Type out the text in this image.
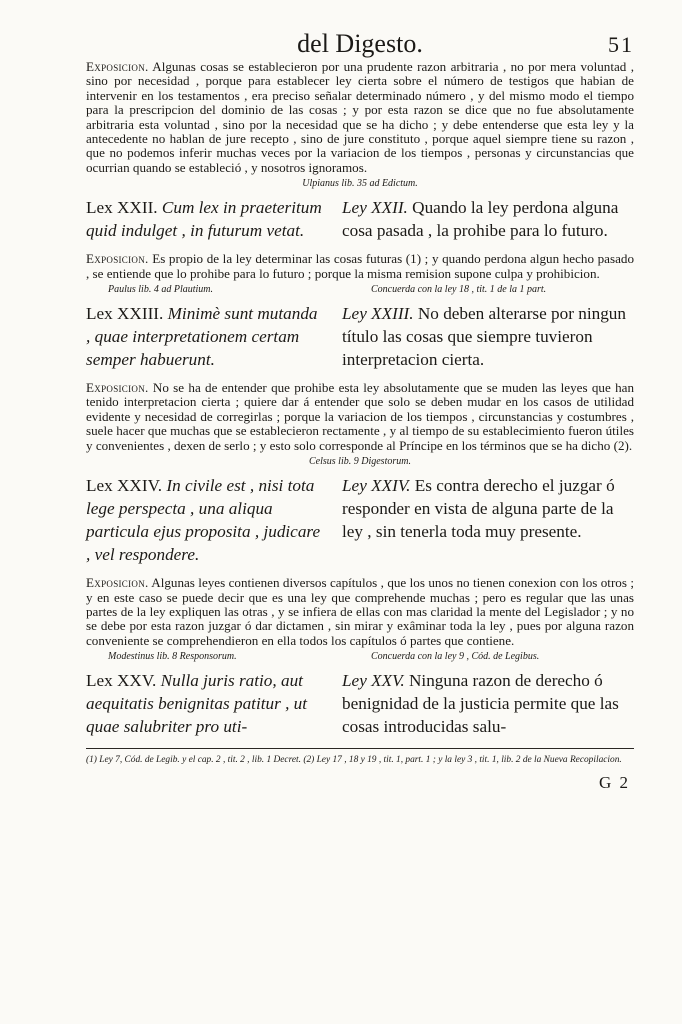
del Digesto.	51

Exposicion. Algunas cosas se establecieron por una prudente razon arbitraria , no por mera voluntad , sino por necesidad , porque para establecer ley cierta sobre el número de testigos que habian de intervenir en los testamentos , era preciso señalar determinado número , y del mismo modo el tiempo para la prescripcion del dominio de las cosas ; y por esta razon se dice que no fue absolutamente arbitraria esta voluntad , sino por la necesidad que se ha dicho ; y debe entenderse que esta ley y la antecedente no hablan de jure recepto , sino de jure constituto , porque aquel siempre tiene su razon , que no podemos inferir muchas veces por la variacion de los tiempos , personas y circunstancias que ocurrian quando se estableció , y nosotros ignoramos.

Ulpianus lib. 35 ad Edictum.
Lex XXII. Cum lex in praeteritum quid indulget , in futurum vetat.
Ley XXII. Quando la ley perdona alguna cosa pasada , la prohibe para lo futuro.

Exposicion. Es propio de la ley determinar las cosas futuras (1) ; y quando perdona algun hecho pasado , se entiende que lo prohibe para lo futuro ; porque la misma remision supone culpa y prohibicion.

Paulus lib. 4 ad Plautium.	Concuerda con la ley 18 , tit. 1 de la 1 part.
Lex XXIII. Minimè sunt mutanda , quae interpretationem certam semper habuerunt.
Ley XXIII. No deben alterarse por ningun título las cosas que siempre tuvieron interpretacion cierta.

Exposicion. No se ha de entender que prohibe esta ley absolutamente que se muden las leyes que han tenido interpretacion cierta ; quiere dar á entender que solo se deben mudar en los casos de utilidad evidente y necesidad de corregirlas ; porque la variacion de los tiempos , circunstancias y costumbres , suele hacer que muchas que se establecieron rectamente , y al tiempo de su establecimiento fueron útiles y convenientes , dexen de serlo ; y esto solo corresponde al Príncipe en los términos que se ha dicho (2).

Celsus lib. 9 Digestorum.
Lex XXIV. In civile est , nisi tota lege perspecta , una aliqua particula ejus proposita , judicare , vel respondere.
Ley XXIV. Es contra derecho el juzgar ó responder en vista de alguna parte de la ley , sin tenerla toda muy presente.

Exposicion. Algunas leyes contienen diversos capítulos , que los unos no tienen conexion con los otros ; y en este caso se puede decir que es una ley que comprehende muchas ; pero es regular que las unas partes de la ley expliquen las otras , y se infiera de ellas con mas claridad la mente del Legislador ; y no se debe por esta razon juzgar ó dar dictamen , sin mirar y exâminar toda la ley , pues por alguna razon conveniente se comprehendieron en ella todos los capítulos ó partes que contiene.

Modestinus lib. 8 Responsorum.	Concuerda con la ley 9 , Cód. de Legibus.
Lex XXV. Nulla juris ratio, aut aequitatis benignitas patitur , ut quae salubriter pro uti-
Ley XXV. Ninguna razon de derecho ó benignidad de la justicia permite que las cosas introducidas salu-
(1) Ley 7, Cód. de Legib. y el cap. 2 , tit. 2 , lib. 1 Decret. (2) Ley 17 , 18 y 19 , tit. 1, part. 1 ; y la ley 3 , tit. 1, lib. 2 de la Nueva Recopilacion.
G 2
